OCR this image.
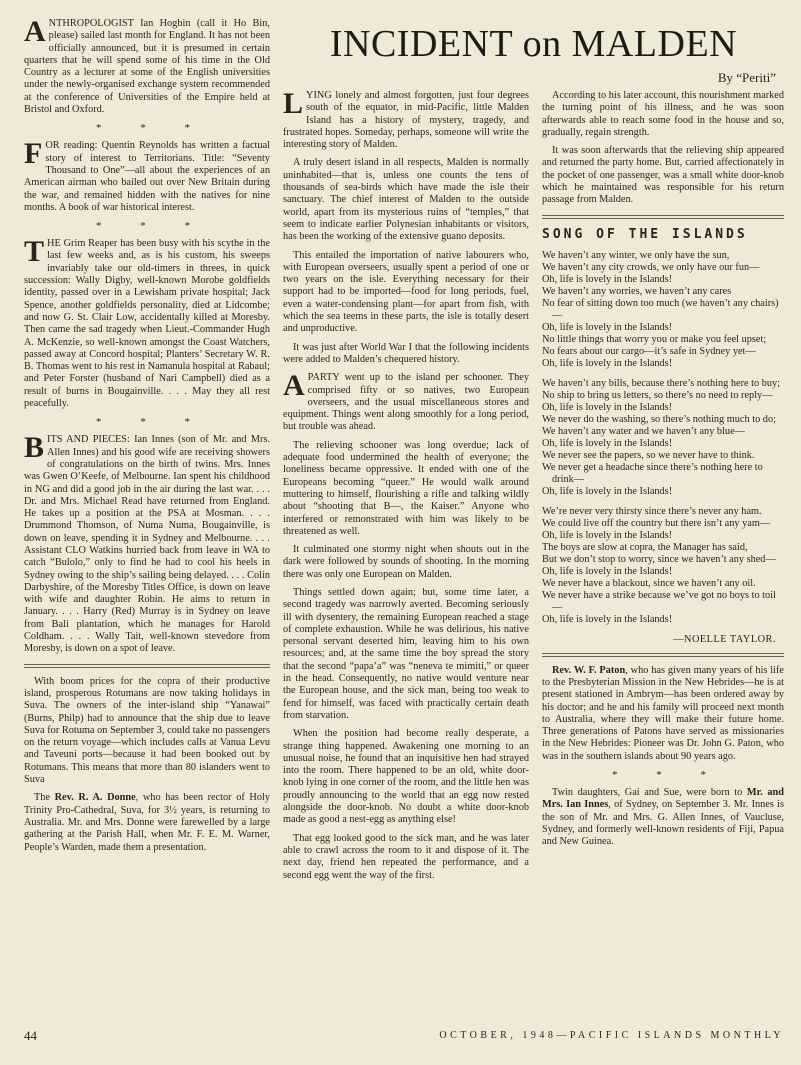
ANTHROPOLOGIST Ian Hogbin (call it Ho Bin, please) sailed last month for England. It has not been officially announced, but it is presumed in certain quarters that he will spend some of his time in the Old Country as a lecturer at some of the English universities under the newly-organised exchange system recommended at the conference of Universities of the Empire held at Bristol and Oxford.

* * *

FOR reading: Quentin Reynolds has written a factual story of interest to Territorians. Title: “Seventy Thousand to One”—all about the experiences of an American airman who bailed out over New Britain during the war, and remained hidden with the natives for nine months. A book of war historical interest.

* * *

THE Grim Reaper has been busy with his scythe in the last few weeks and, as is his custom, his sweeps invariably take our old-timers in threes, in quick succession: Wally Digby, well-known Morobe goldfields identity, passed over in a Lewisham private hospital; Jack Spence, another goldfields personality, died at Lidcombe; and now G. St. Clair Low, accidentally killed at Moresby. Then came the sad tragedy when Lieut.-Commander Hugh A. McKenzie, so well-known amongst the Coast Watchers, passed away at Concord hospital; Planters’ Secretary W. R. B. Thomas went to his rest in Namanula hospital at Rabaul; and Peter Forster (husband of Nari Campbell) died as a result of burns in Bougainville. . . . May they all rest peacefully.

* * *

BITS AND PIECES: Ian Innes (son of Mr. and Mrs. Allen Innes) and his good wife are receiving showers of congratulations on the birth of twins. Mrs. Innes was Gwen O’Keefe, of Melbourne. Ian spent his childhood in NG and did a good job in the air during the last war. . . . Dr. and Mrs. Michael Read have returned from England. He takes up a position at the PSA at Mosman. . . . Drummond Thomson, of Numa Numa, Bougainville, is down on leave, spending it in Sydney and Melbourne. . . . Assistant CLO Watkins hurried back from leave in WA to catch “Bulolo,” only to find he had to cool his heels in Sydney owing to the ship’s sailing being delayed. . . . Colin Darbyshire, of the Moresby Titles Office, is down on leave with wife and daughter Robin. He aims to return in January. . . . Harry (Red) Murray is in Sydney on leave from Bali plantation, which he manages for Harold Coldham. . . . Wally Tait, well-known stevedore from Moresby, is down on a spot of leave.

With boom prices for the copra of their productive island, prosperous Rotumans are now taking holidays in Suva. The owners of the inter-island ship “Yanawai” (Burns, Philp) had to announce that the ship due to leave Suva for Rotuma on September 3, could take no passengers on the return voyage—which includes calls at Vanua Levu and Taveuni ports—because it had been booked out by Rotumans. This means that more than 80 islanders went to Suva

The Rev. R. A. Donne, who has been rector of Holy Trinity Pro-Cathedral, Suva, for 3½ years, is returning to Australia. Mr. and Mrs. Donne were farewelled by a large gathering at the Parish Hall, when Mr. F. E. M. Warner, People’s Warden, made them a presentation.

INCIDENT on MALDEN
By “Periti”

LYING lonely and almost forgotten, just four degrees south of the equator, in mid-Pacific, little Malden Island has a history of mystery, tragedy, and frustrated hopes. Someday, perhaps, someone will write the interesting story of Malden.

A truly desert island in all respects, Malden is normally uninhabited—that is, unless one counts the tens of thousands of sea-birds which have made the isle their sanctuary. The chief interest of Malden to the outside world, apart from its mysterious ruins of “temples,” that seem to indicate earlier Polynesian inhabitants or visitors, has been the working of the extensive guano deposits.

This entailed the importation of native labourers who, with European overseers, usually spent a period of one or two years on the isle. Everything necessary for their support had to be imported—food for long periods, fuel, even a water-condensing plant—for apart from fish, with which the sea teems in these parts, the isle is totally desert and unproductive.

It was just after World War I that the following incidents were added to Malden’s chequered history.

APARTY went up to the island per schooner. They comprised fifty or so natives, two European overseers, and the usual miscellaneous stores and equipment. Things went along smoothly for a long period, but trouble was ahead.

The relieving schooner was long overdue; lack of adequate food undermined the health of everyone; the loneliness became oppressive. It ended with one of the Europeans becoming “queer.” He would walk around muttering to himself, flourishing a rifle and talking wildly about “shooting that B—, the Kaiser.” Anyone who interfered or remonstrated with him was likely to be threatened as well.

It culminated one stormy night when shouts out in the dark were followed by sounds of shooting. In the morning there was only one European on Malden.

Things settled down again; but, some time later, a second tragedy was narrowly averted. Becoming seriously ill with dysentery, the remaining European reached a stage of complete exhaustion. While he was delirious, his native personal servant deserted him, leaving him to his own resources; and, at the same time the boy spread the story that the second “papa’a” was “neneva te mimiti,” or queer in the head. Consequently, no native would venture near the European house, and the sick man, being too weak to fend for himself, was faced with practically certain death from starvation.

When the position had become really desperate, a strange thing happened. Awakening one morning to an unusual noise, he found that an inquisitive hen had strayed into the room. There happened to be an old, white door-knob lying in one corner of the room, and the little hen was proudly announcing to the world that an egg now rested alongside the door-knob. No doubt a white door-knob made as good a nest-egg as anything else!

That egg looked good to the sick man, and he was later able to crawl across the room to it and dispose of it. The next day, friend hen repeated the performance, and a second egg went the way of the first.

According to his later account, this nourishment marked the turning point of his illness, and he was soon afterwards able to reach some food in the house and so, gradually, regain strength.

It was soon afterwards that the relieving ship appeared and returned the party home. But, carried affectionately in the pocket of one passenger, was a small white door-knob which he maintained was responsible for his return passage from Malden.

SONG OF THE ISLANDS
We haven’t any winter, we only have the sun,
We haven’t any city crowds, we only have our fun—
Oh, life is lovely in the Islands!
We haven’t any worries, we haven’t any cares
No fear of sitting down too much (we haven’t any chairs)—
Oh, life is lovely in the Islands!
No little things that worry you or make you feel upset;
No fears about our cargo—it’s safe in Sydney yet—
Oh, life is lovely in the Islands!
We haven’t any bills, because there’s nothing here to buy;
No ship to bring us letters, so there’s no need to reply—
Oh, life is lovely in the Islands!
We never do the washing, so there’s nothing much to do;
We haven’t any water and we haven’t any blue—
Oh, life is lovely in the Islands!
We never see the papers, so we never have to think.
We never get a headache since there’s nothing here to drink—
Oh, life is lovely in the Islands!
We’re never very thirsty since there’s never any ham.
We could live off the country but there isn’t any yam—
Oh, life is lovely in the Islands!
The boys are slow at copra, the Manager has said,
But we don’t stop to worry, since we haven’t any shed—
Oh, life is lovely in the Islands!
We never have a blackout, since we haven’t any oil.
We never have a strike because we’ve got no boys to toil—
Oh, life is lovely in the Islands!
—NOELLE TAYLOR.

Rev. W. F. Paton, who has given many years of his life to the Presbyterian Mission in the New Hebrides—he is at present stationed in Ambrym—has been ordered away by his doctor; and he and his family will proceed next month to Australia, where they will make their future home. Three generations of Patons have served as missionaries in the New Hebrides: Pioneer was Dr. John G. Paton, who was in the southern islands about 90 years ago.

* * *

Twin daughters, Gai and Sue, were born to Mr. and Mrs. Ian Innes, of Sydney, on September 3. Mr. Innes is the son of Mr. and Mrs. G. Allen Innes, of Vaucluse, Sydney, and formerly well-known residents of Fiji, Papua and New Guinea.

44	OCTOBER, 1948—PACIFIC ISLANDS MONTHLY
